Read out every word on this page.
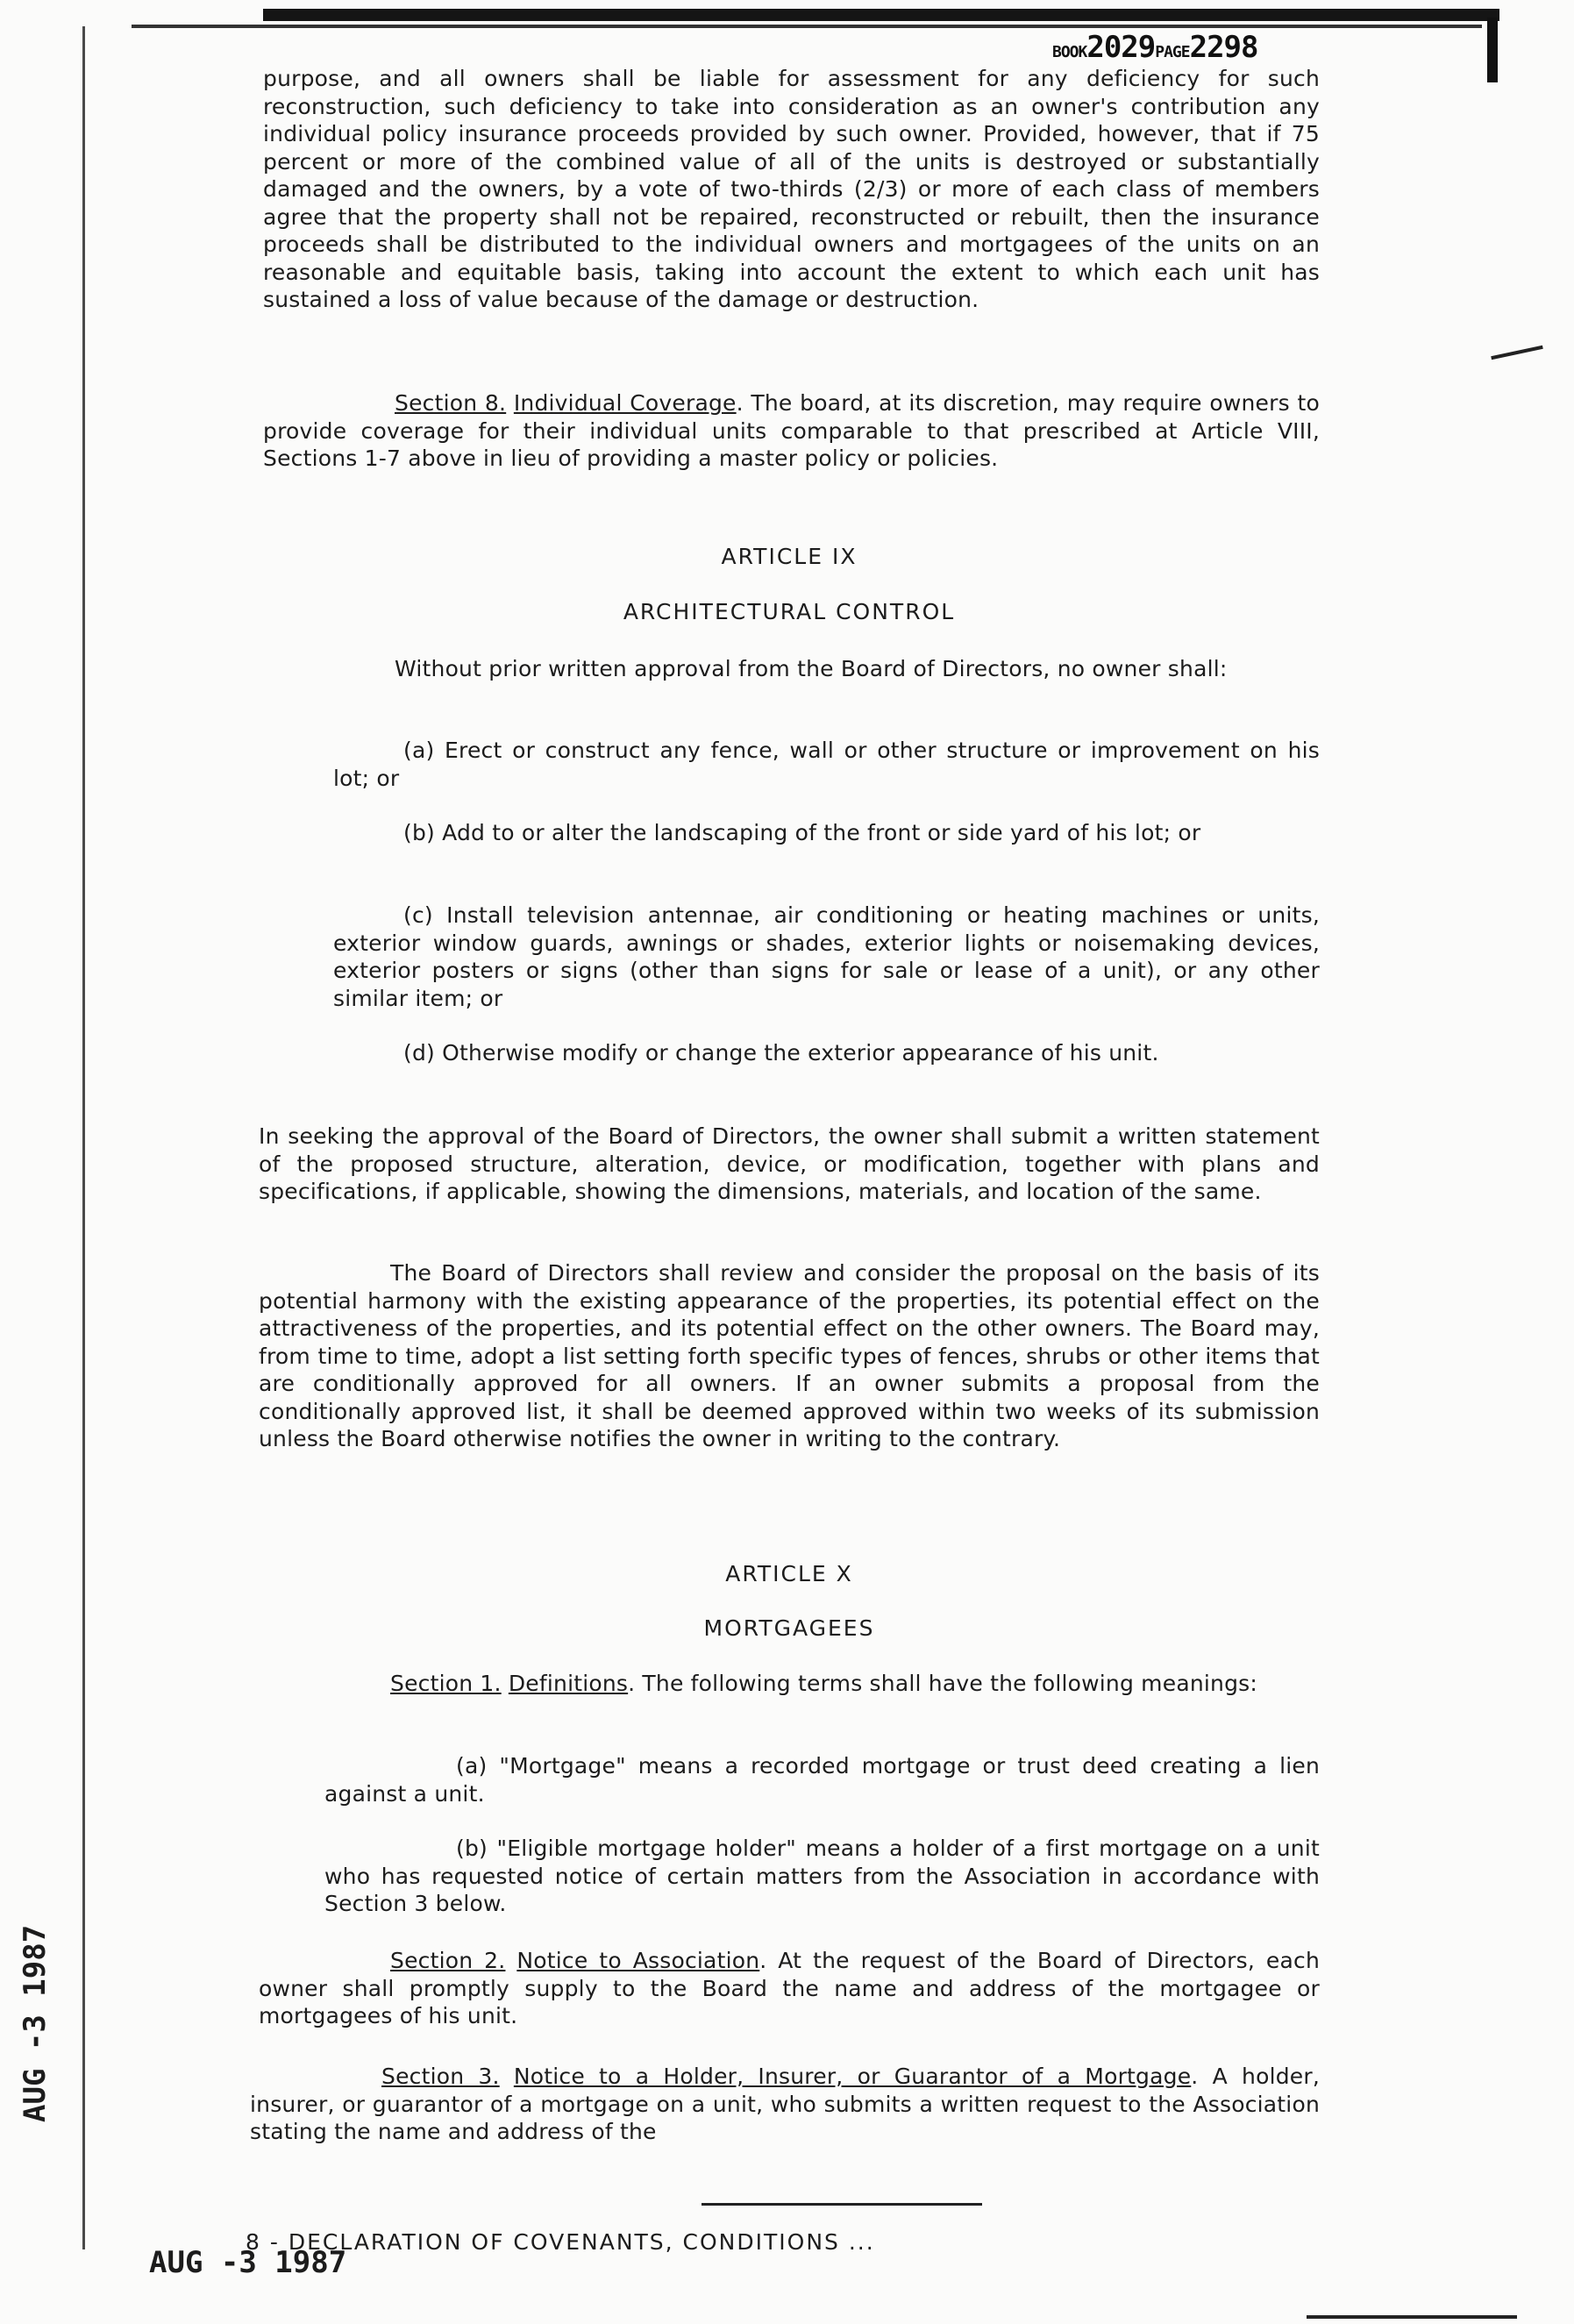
BOOK2029PAGE2298
purpose, and all owners shall be liable for assessment for any deficiency for such reconstruction, such deficiency to take into consideration as an owner's contribution any individual policy insurance proceeds provided by such owner. Provided, however, that if 75 percent or more of the combined value of all of the units is destroyed or substantially damaged and the owners, by a vote of two-thirds (2/3) or more of each class of members agree that the property shall not be repaired, reconstructed or rebuilt, then the insurance proceeds shall be distributed to the individual owners and mortgagees of the units on an reasonable and equitable basis, taking into account the extent to which each unit has sustained a loss of value because of the damage or destruction.
Section 8. Individual Coverage. The board, at its discretion, may require owners to provide coverage for their individual units comparable to that prescribed at Article VIII, Sections 1-7 above in lieu of providing a master policy or policies.
ARTICLE IX
ARCHITECTURAL CONTROL
Without prior written approval from the Board of Directors, no owner shall:
(a) Erect or construct any fence, wall or other structure or improvement on his lot; or
(b) Add to or alter the landscaping of the front or side yard of his lot; or
(c) Install television antennae, air conditioning or heating machines or units, exterior window guards, awnings or shades, exterior lights or noisemaking devices, exterior posters or signs (other than signs for sale or lease of a unit), or any other similar item; or
(d) Otherwise modify or change the exterior appearance of his unit.
In seeking the approval of the Board of Directors, the owner shall submit a written statement of the proposed structure, alteration, device, or modification, together with plans and specifications, if applicable, showing the dimensions, materials, and location of the same.
The Board of Directors shall review and consider the proposal on the basis of its potential harmony with the existing appearance of the properties, its potential effect on the attractiveness of the properties, and its potential effect on the other owners. The Board may, from time to time, adopt a list setting forth specific types of fences, shrubs or other items that are conditionally approved for all owners. If an owner submits a proposal from the conditionally approved list, it shall be deemed approved within two weeks of its submission unless the Board otherwise notifies the owner in writing to the contrary.
ARTICLE X
MORTGAGEES
Section 1. Definitions. The following terms shall have the following meanings:
(a) "Mortgage" means a recorded mortgage or trust deed creating a lien against a unit.
(b) "Eligible mortgage holder" means a holder of a first mortgage on a unit who has requested notice of certain matters from the Association in accordance with Section 3 below.
Section 2. Notice to Association. At the request of the Board of Directors, each owner shall promptly supply to the Board the name and address of the mortgagee or mortgagees of his unit.
Section 3. Notice to a Holder, Insurer, or Guarantor of a Mortgage. A holder, insurer, or guarantor of a mortgage on a unit, who submits a written request to the Association stating the name and address of the
8 - DECLARATION OF COVENANTS, CONDITIONS ...
AUG -3 1987
AUG -3 1987
